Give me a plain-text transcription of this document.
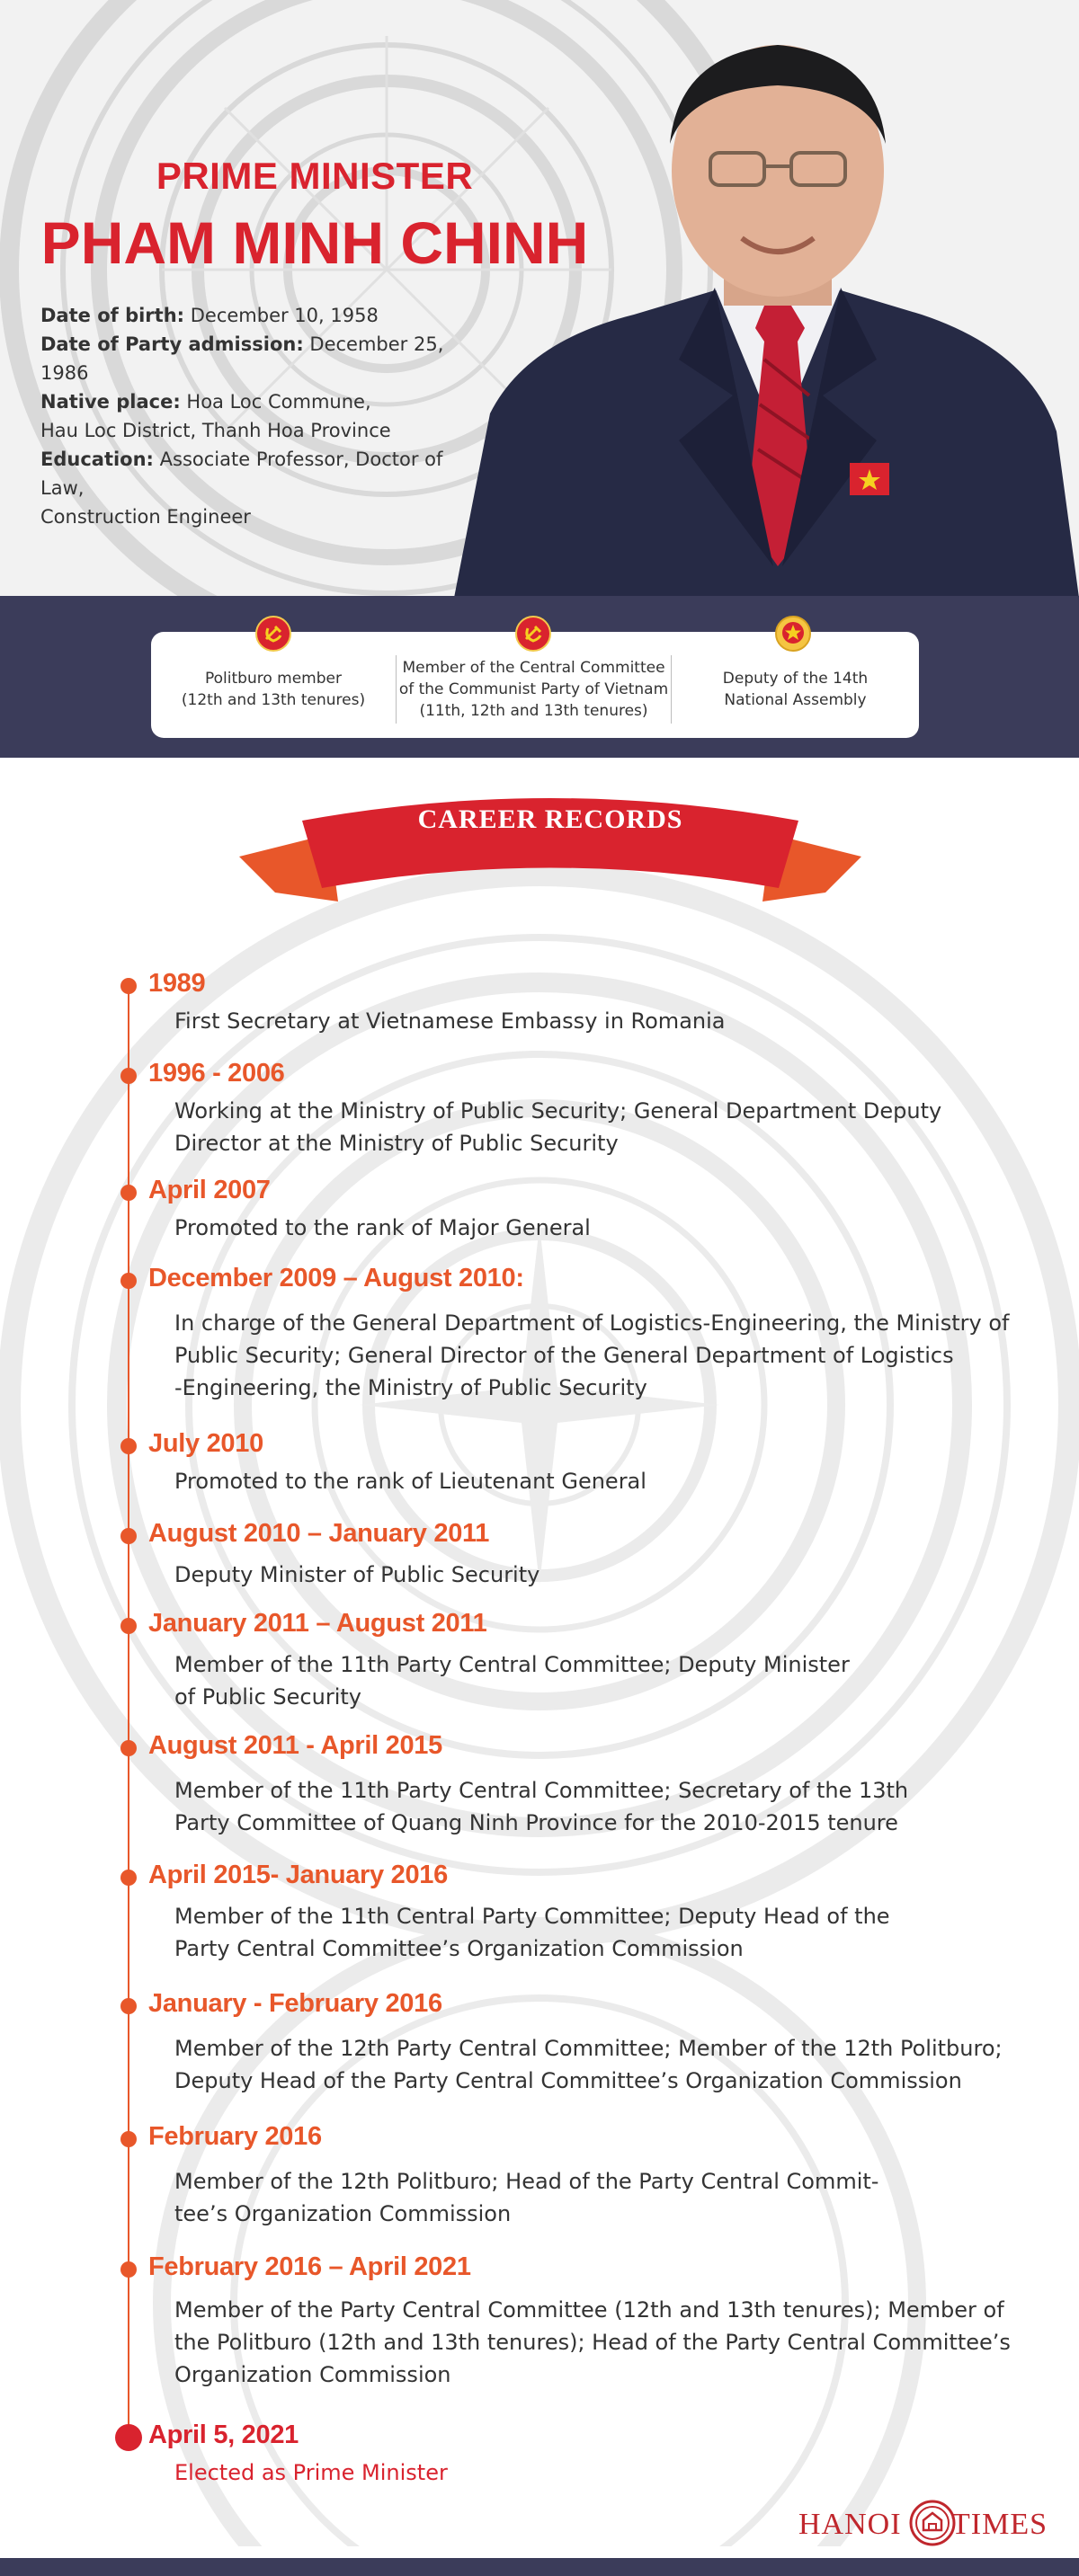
PRIME MINISTER
PHAM MINH CHINH
Date of birth: December 10, 1958
Date of Party admission: December 25, 1986
Native place: Hoa Loc Commune,
Hau Loc District, Thanh Hoa Province
Education: Associate Professor, Doctor of Law,
Construction Engineer
Politburo member
(12th and 13th tenures)
Member of the Central Committee
of the Communist Party of Vietnam
(11th, 12th and 13th tenures)
Deputy of the 14th
National Assembly
CAREER RECORDS
1989
First Secretary at Vietnamese Embassy in Romania
1996 - 2006
Working at the Ministry of Public Security; General Department Deputy
Director at the Ministry of Public Security
April 2007
Promoted to the rank of Major General
December 2009 – August 2010:
In charge of the General Department of Logistics-Engineering, the Ministry of
Public Security; General Director of the General Department of Logistics
-Engineering, the Ministry of Public Security
July 2010
Promoted to the rank of Lieutenant General
August 2010 – January 2011
Deputy Minister of Public Security
January 2011 – August 2011
Member of the 11th Party Central Committee; Deputy Minister
of Public Security
August 2011 - April 2015
Member of the 11th Party Central Committee; Secretary of the 13th
Party Committee of Quang Ninh Province for the 2010-2015 tenure
April 2015- January 2016
Member of the 11th Central Party Committee; Deputy Head of the
Party Central Committee’s Organization Commission
January - February 2016
Member of the 12th Party Central Committee; Member of the 12th Politburo;
Deputy Head of the Party Central Committee’s Organization Commission
February 2016
Member of the 12th Politburo; Head of the Party Central Commit-
tee’s Organization Commission
February 2016 – April 2021
Member of the Party Central Committee (12th and 13th tenures); Member of
the Politburo (12th and 13th tenures); Head of the Party Central Committee’s
Organization Commission
April 5, 2021
Elected as Prime Minister
HANOI TIMES
